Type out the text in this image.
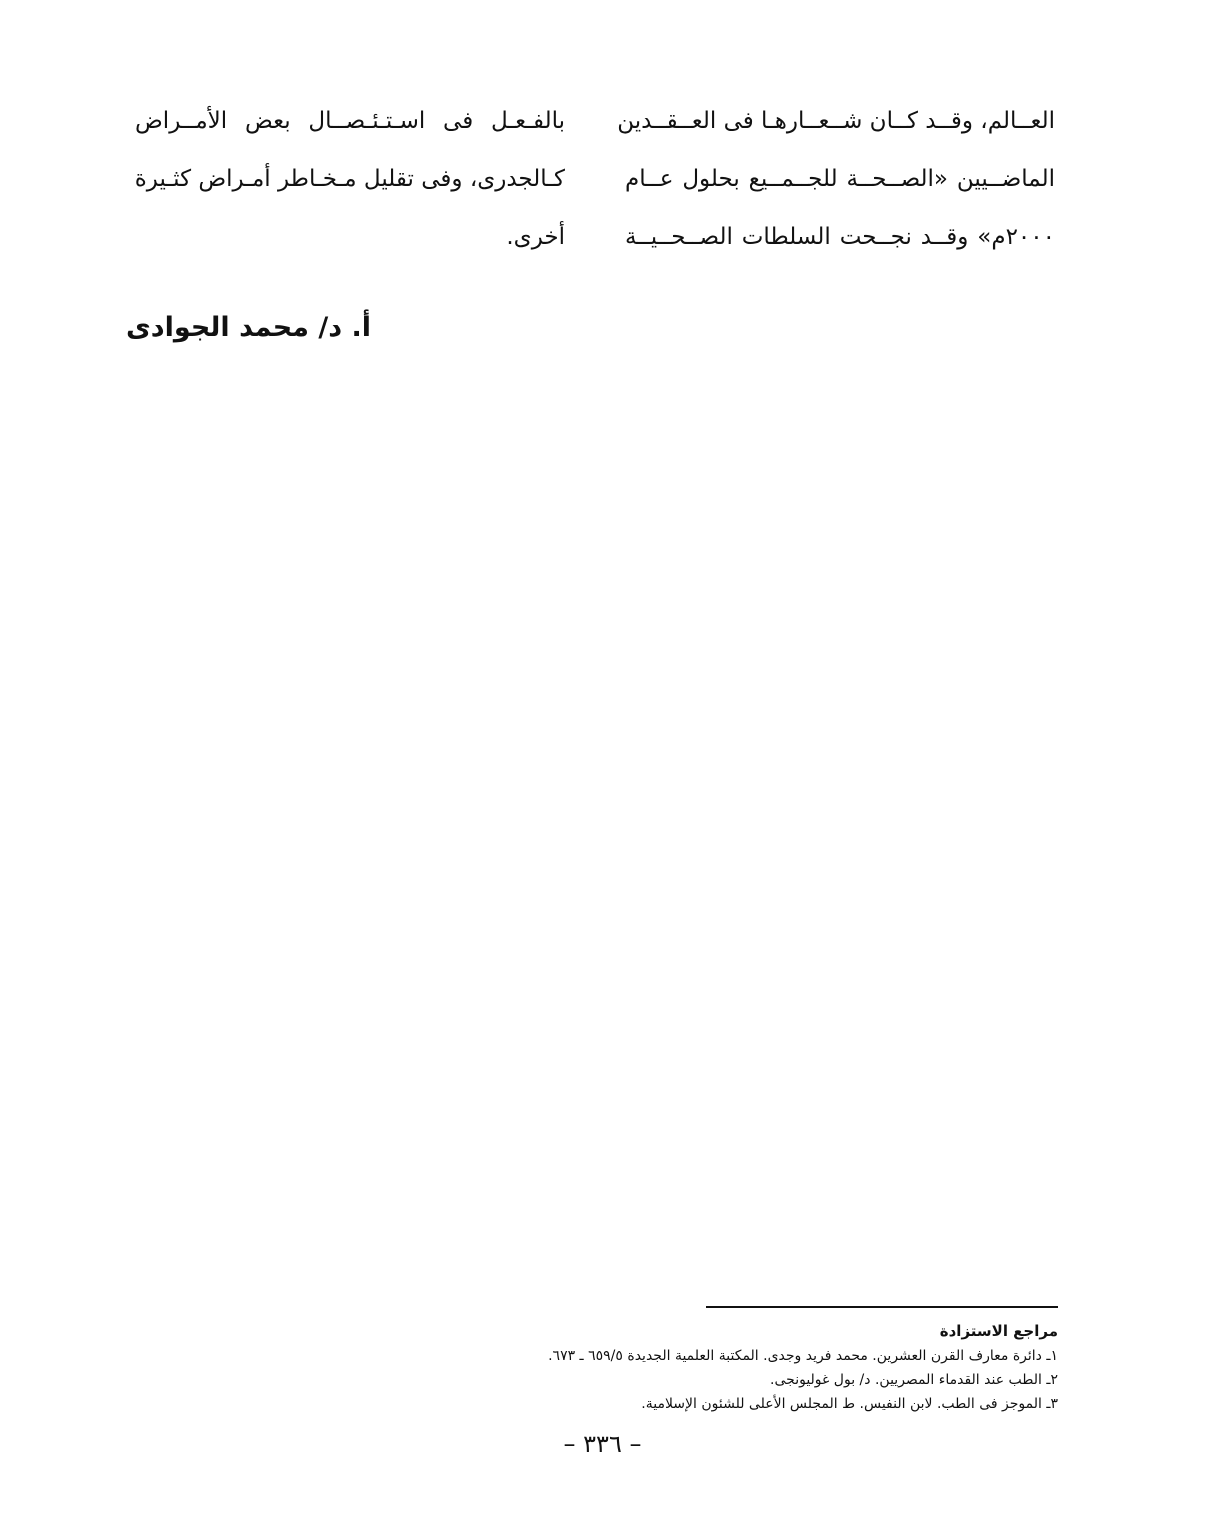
العــالم، وقــد كــان شــعــارهـا فى العــقــدين
الماضــيين «الصــحــة للجــمــيع بحلول عــام
٢٠٠٠م» وقــد نجــحت السلطات الصــحــيــة
بالفـعـل فى اسـتـئـصــال بعض الأمــراض
كـالجدرى، وفى تقليل مـخـاطر أمـراض كثـيرة
أخرى.
أ. د/ محمد الجوادى
مراجع الاستزادة
١ـ دائرة معارف القرن العشرين. محمد فريد وجدى. المكتبة العلمية الجديدة ٦٥٩/٥ ـ ٦٧٣.
٢ـ الطب عند القدماء المصريين. د/ بول غوليونجى.
٣ـ الموجز فى الطب. لابن النفيس. ط المجلس الأعلى للشئون الإسلامية.
– ٣٣٦ –
